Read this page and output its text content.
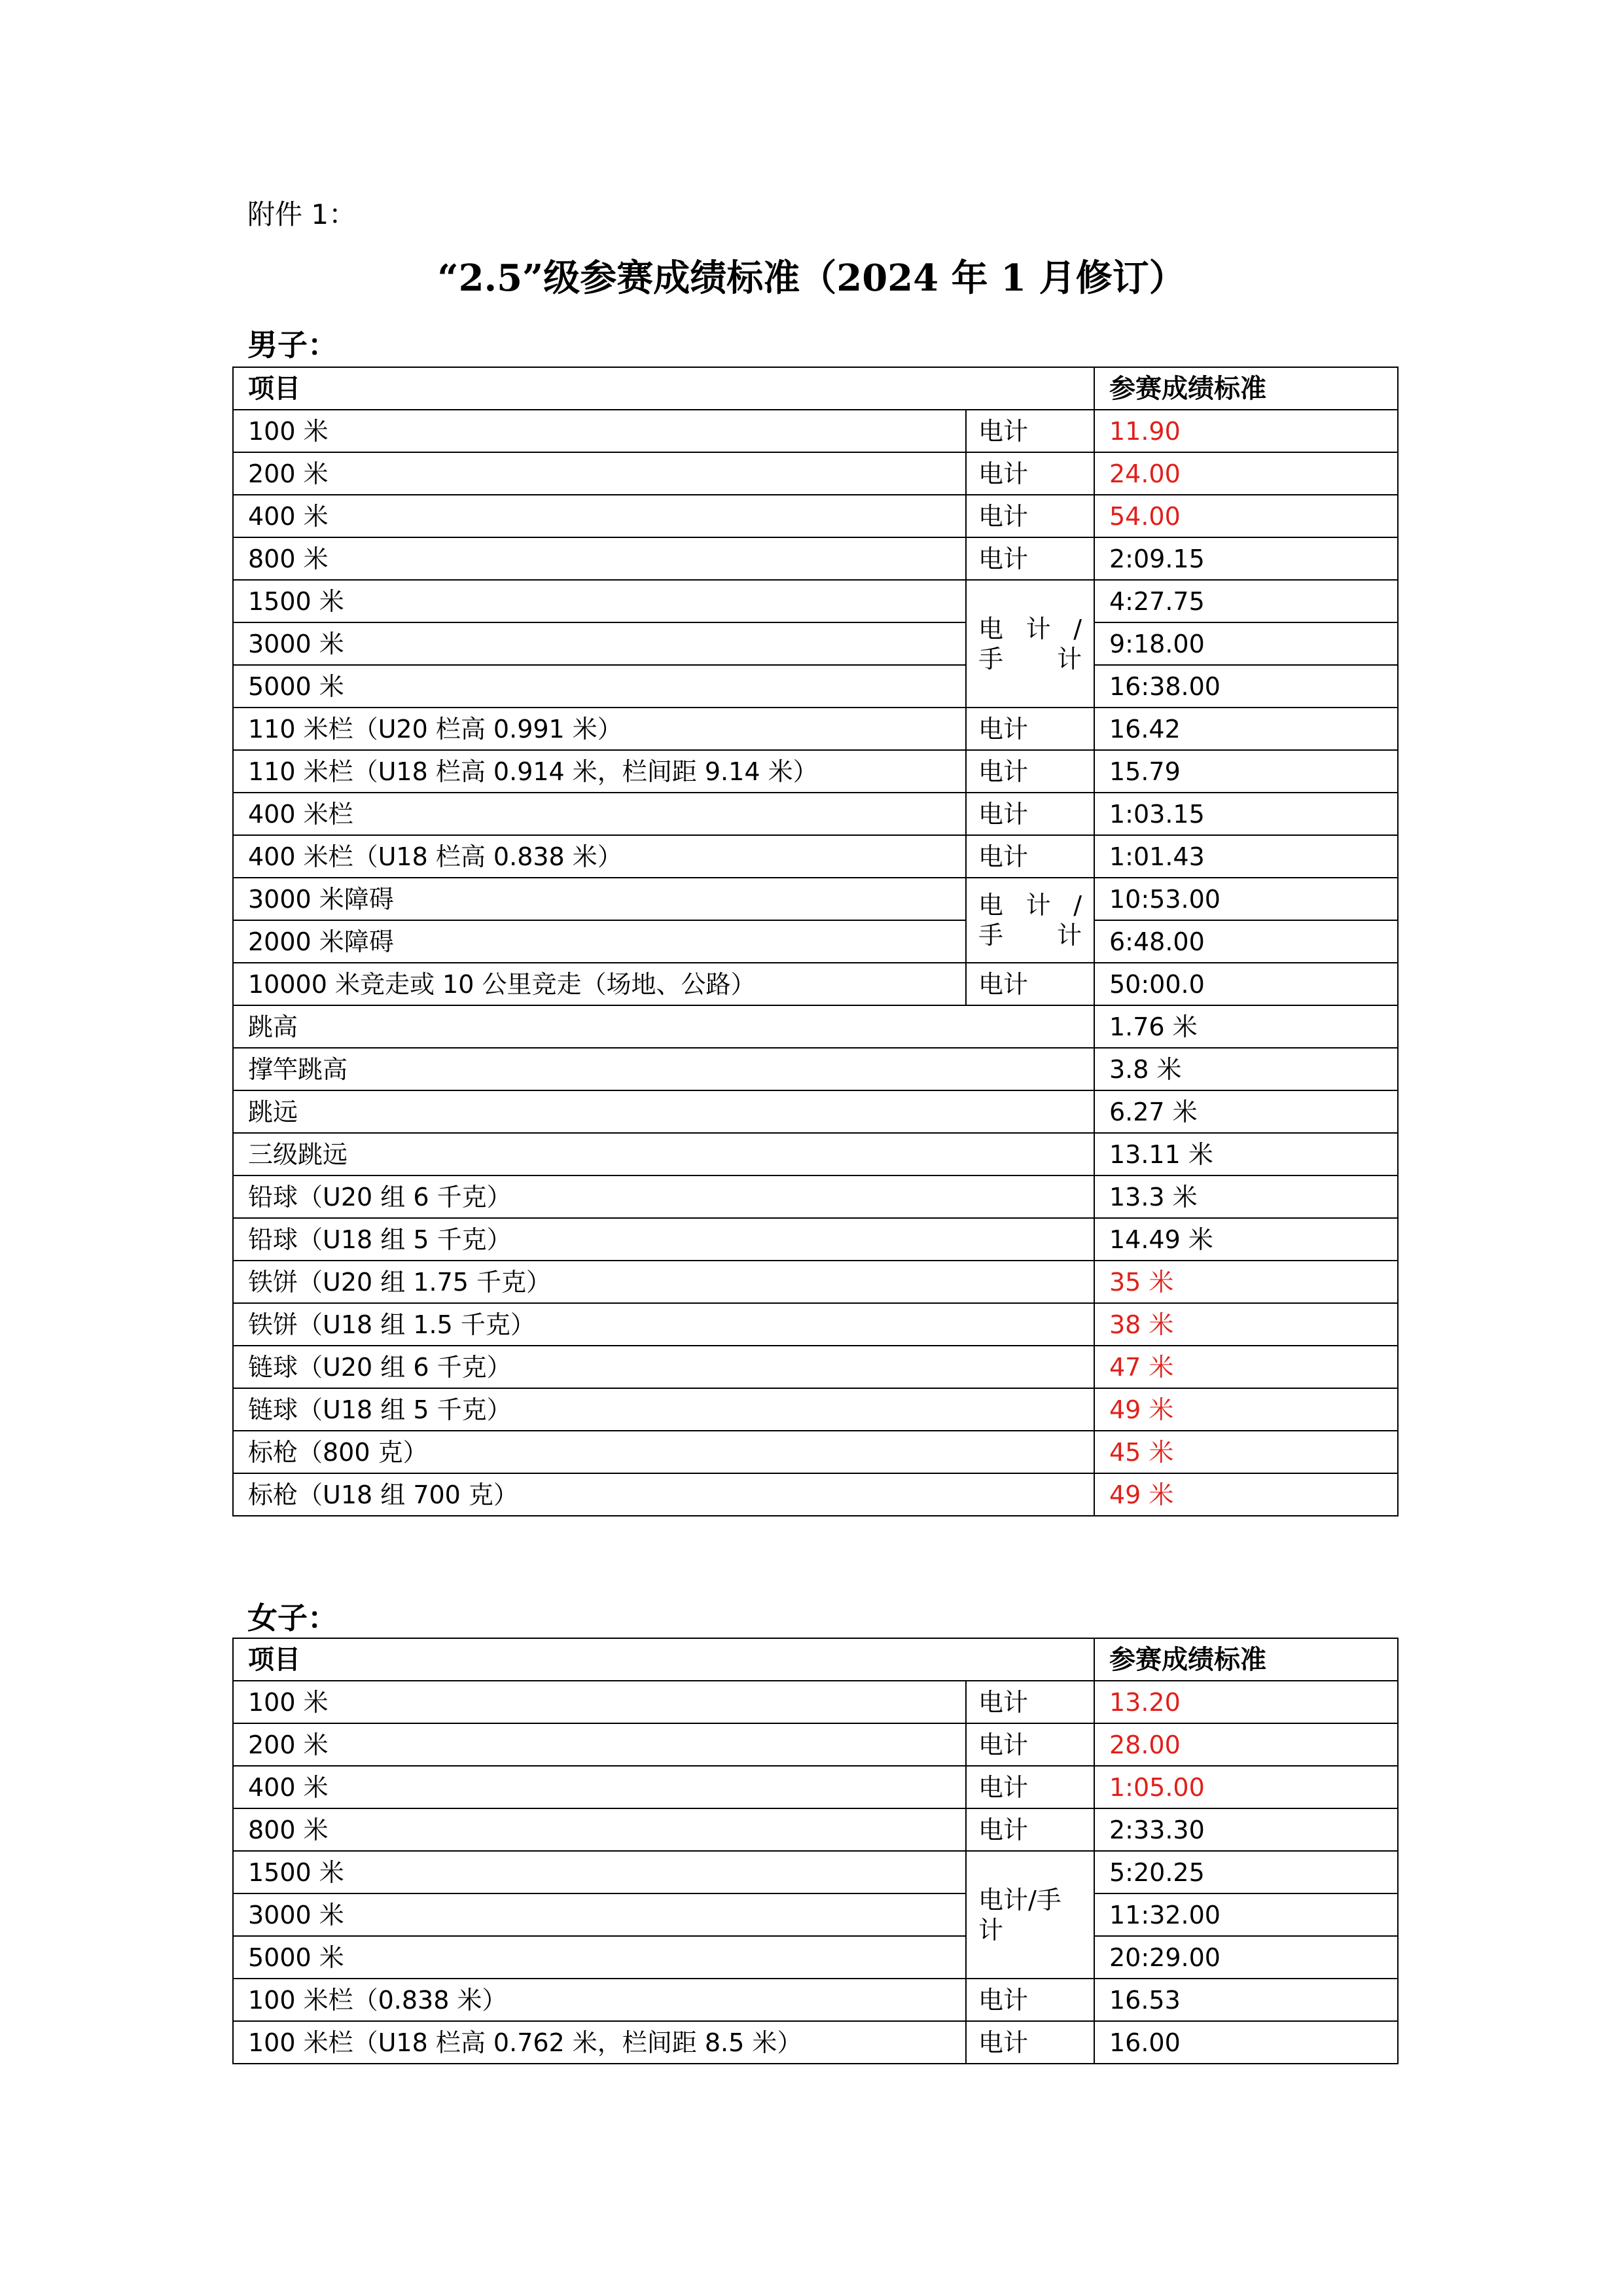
附件 1：
“2.5”级参赛成绩标准（2024 年 1 月修订）
男子：
项目		参赛成绩标准
100 米	电计	11.90
200 米	电计	24.00
400 米	电计	54.00
800 米	电计	2:09.15
1500 米	电 计 / 手计	4:27.75
3000 米		9:18.00
5000 米		16:38.00
110 米栏（U20 栏高 0.991 米）	电计	16.42
110 米栏（U18 栏高 0.914 米，栏间距 9.14 米）	电计	15.79
400 米栏	电计	1:03.15
400 米栏（U18 栏高 0.838 米）	电计	1:01.43
3000 米障碍	电 计 / 手计	10:53.00
2000 米障碍		6:48.00
10000 米竞走或 10 公里竞走（场地、公路）	电计	50:00.0
跳高		1.76 米
撑竿跳高		3.8 米
跳远		6.27 米
三级跳远		13.11 米
铅球（U20 组 6 千克）		13.3 米
铅球（U18 组 5 千克）		14.49 米
铁饼（U20 组 1.75 千克）		35 米
铁饼（U18 组 1.5 千克）		38 米
链球（U20 组 6 千克）		47 米
链球（U18 组 5 千克）		49 米
标枪（800 克）		45 米
标枪（U18 组 700 克）		49 米
女子：
项目		参赛成绩标准
100 米	电计	13.20
200 米	电计	28.00
400 米	电计	1:05.00
800 米	电计	2:33.30
1500 米	电计/手计	5:20.25
3000 米		11:32.00
5000 米		20:29.00
100 米栏（0.838 米）	电计	16.53
100 米栏（U18 栏高 0.762 米，栏间距 8.5 米）	电计	16.00
